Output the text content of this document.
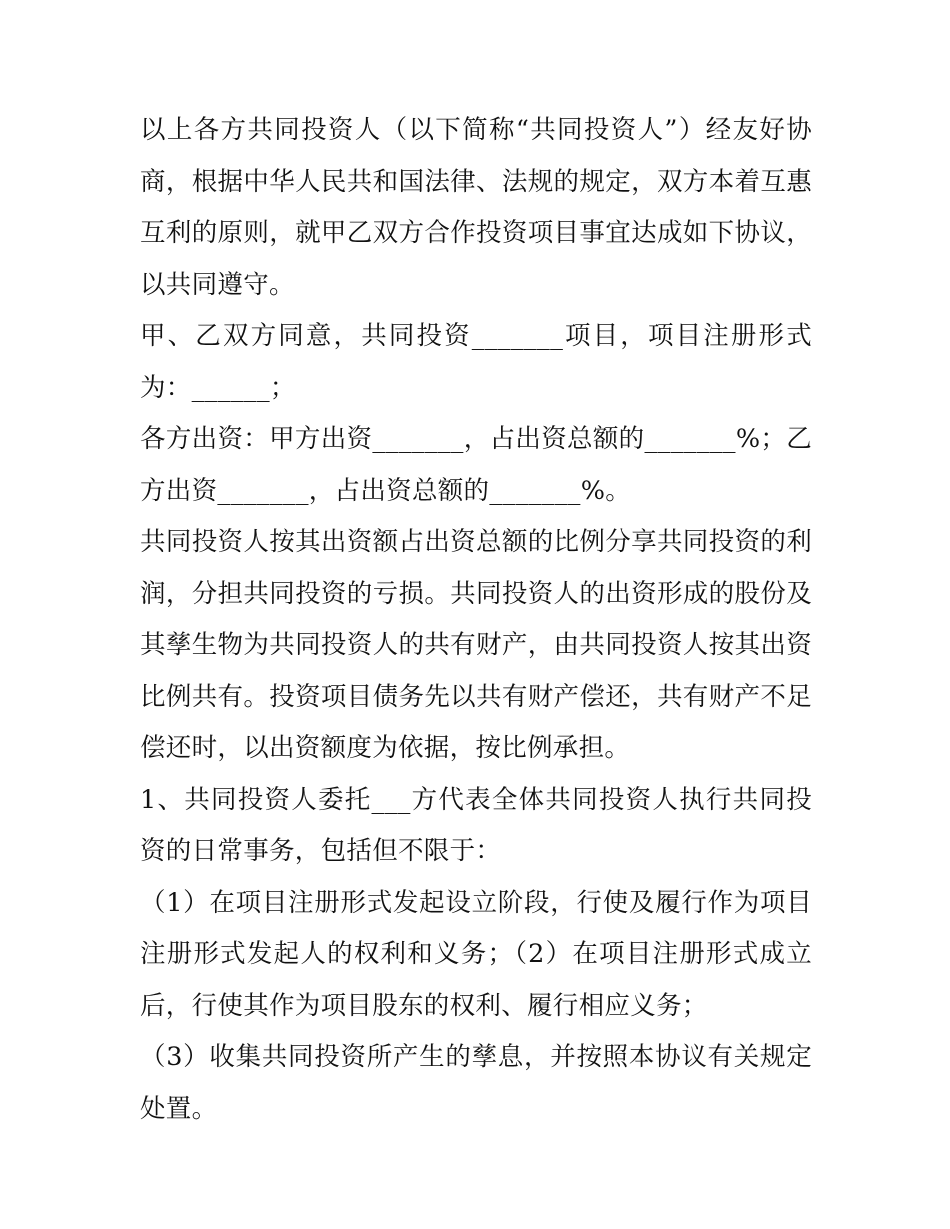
以上各方共同投资人（以下简称“共同投资人”）经友好协商，根据中华人民共和国法律、法规的规定，双方本着互惠互利的原则，就甲乙双方合作投资项目事宜达成如下协议，以共同遵守。

甲、乙双方同意，共同投资_______项目，项目注册形式为：______；

各方出资：甲方出资_______，占出资总额的_______%；乙方出资_______，占出资总额的_______%。

共同投资人按其出资额占出资总额的比例分享共同投资的利润，分担共同投资的亏损。共同投资人的出资形成的股份及其孳生物为共同投资人的共有财产，由共同投资人按其出资比例共有。投资项目债务先以共有财产偿还，共有财产不足偿还时，以出资额度为依据，按比例承担。

1、共同投资人委托___方代表全体共同投资人执行共同投资的日常事务，包括但不限于：

（1）在项目注册形式发起设立阶段，行使及履行作为项目注册形式发起人的权利和义务；（2）在项目注册形式成立后，行使其作为项目股东的权利、履行相应义务；

（3）收集共同投资所产生的孳息，并按照本协议有关规定处置。
